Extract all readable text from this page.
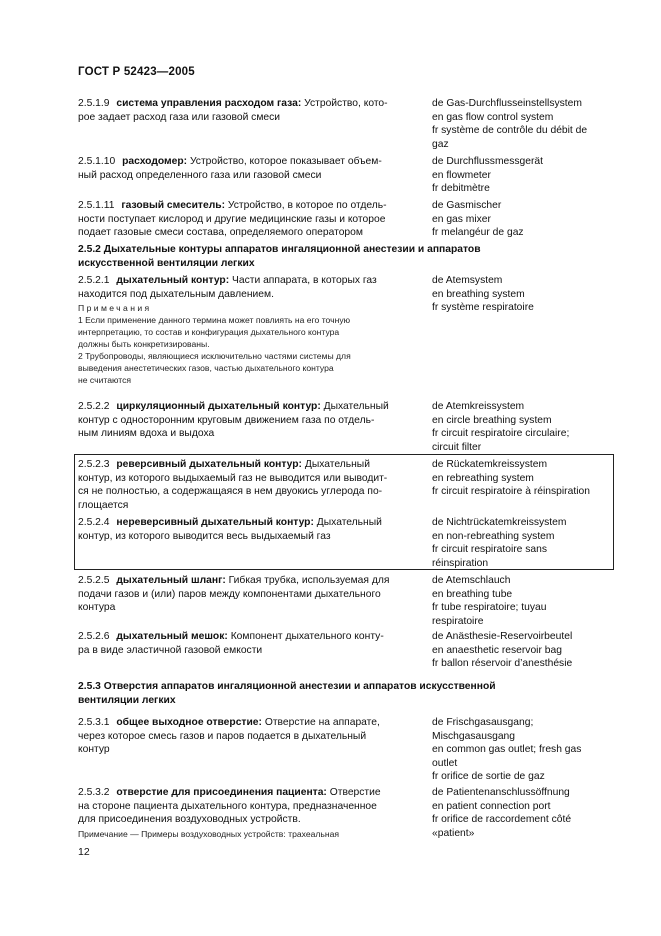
ГОСТ Р 52423—2005
2.5.1.9 система управления расходом газа: Устройство, кото-
рое задает расход газа или газовой смеси
de Gas-Durchflusseinstellsystem
en gas flow control system
fr système de contrôle du débit de
gaz
2.5.1.10 расходомер: Устройство, которое показывает объем-
ный расход определенного газа или газовой смеси
de Durchflussmessgerät
en flowmeter
fr debitmètre
2.5.1.11 газовый смеситель: Устройство, в которое по отдель-
ности поступает кислород и другие медицинские газы и которое
подает газовые смеси состава, определяемого оператором
de Gasmischer
en gas mixer
fr melangéur de gaz
2.5.2 Дыхательные контуры аппаратов ингаляционной анестезии и аппаратов
искусственной вентиляции легких
2.5.2.1 дыхательный контур: Части аппарата, в которых газ
находится под дыхательным давлением.
Примечания
1 Если применение данного термина может повлиять на его точную
интерпретацию, то состав и конфигурация дыхательного контура
должны быть конкретизированы.
2 Трубопроводы, являющиеся исключительно частями системы для
выведения анестетических газов, частью дыхательного контура
не считаются
de Atemsystem
en breathing system
fr système respiratoire
2.5.2.2 циркуляционный дыхательный контур: Дыхательный
контур с односторонним круговым движением газа по отдель-
ным линиям вдоха и выдоха
de Atemkreissystem
en circle breathing system
fr circuit respiratoire circulaire;
circuit filter
2.5.2.3 реверсивный дыхательный контур: Дыхательный
контур, из которого выдыхаемый газ не выводится или выводит-
ся не полностью, а содержащаяся в нем двуокись углерода по-
глощается
de Rückatemkreissystem
en rebreathing system
fr circuit respiratoire à réinspiration
2.5.2.4 нереверсивный дыхательный контур: Дыхательный
контур, из которого выводится весь выдыхаемый газ
de Nichtrückatemkreissystem
en non-rebreathing system
fr circuit respiratoire sans
réinspiration
2.5.2.5 дыхательный шланг: Гибкая трубка, используемая для
подачи газов и (или) паров между компонентами дыхательного
контура
de Atemschlauch
en breathing tube
fr tube respiratoire; tuyau
respiratoire
2.5.2.6 дыхательный мешок: Компонент дыхательного конту-
ра в виде эластичной газовой емкости
de Anästhesie-Reservoirbeutel
en anaesthetic reservoir bag
fr ballon réservoir d’anesthésie
2.5.3 Отверстия аппаратов ингаляционной анестезии и аппаратов искусственной
вентиляции легких
2.5.3.1 общее выходное отверстие: Отверстие на аппарате,
через которое смесь газов и паров подается в дыхательный
контур
de Frischgasausgang;
Mischgasausgang
en common gas outlet; fresh gas
outlet
fr orifice de sortie de gaz
2.5.3.2 отверстие для присоединения пациента: Отверстие
на стороне пациента дыхательного контура, предназначенное
для присоединения воздуховодных устройств.
Примечание — Примеры воздуховодных устройств: трахеальная
de Patientenanschlussöffnung
en patient connection port
fr orifice de raccordement côté
«patient»
12
